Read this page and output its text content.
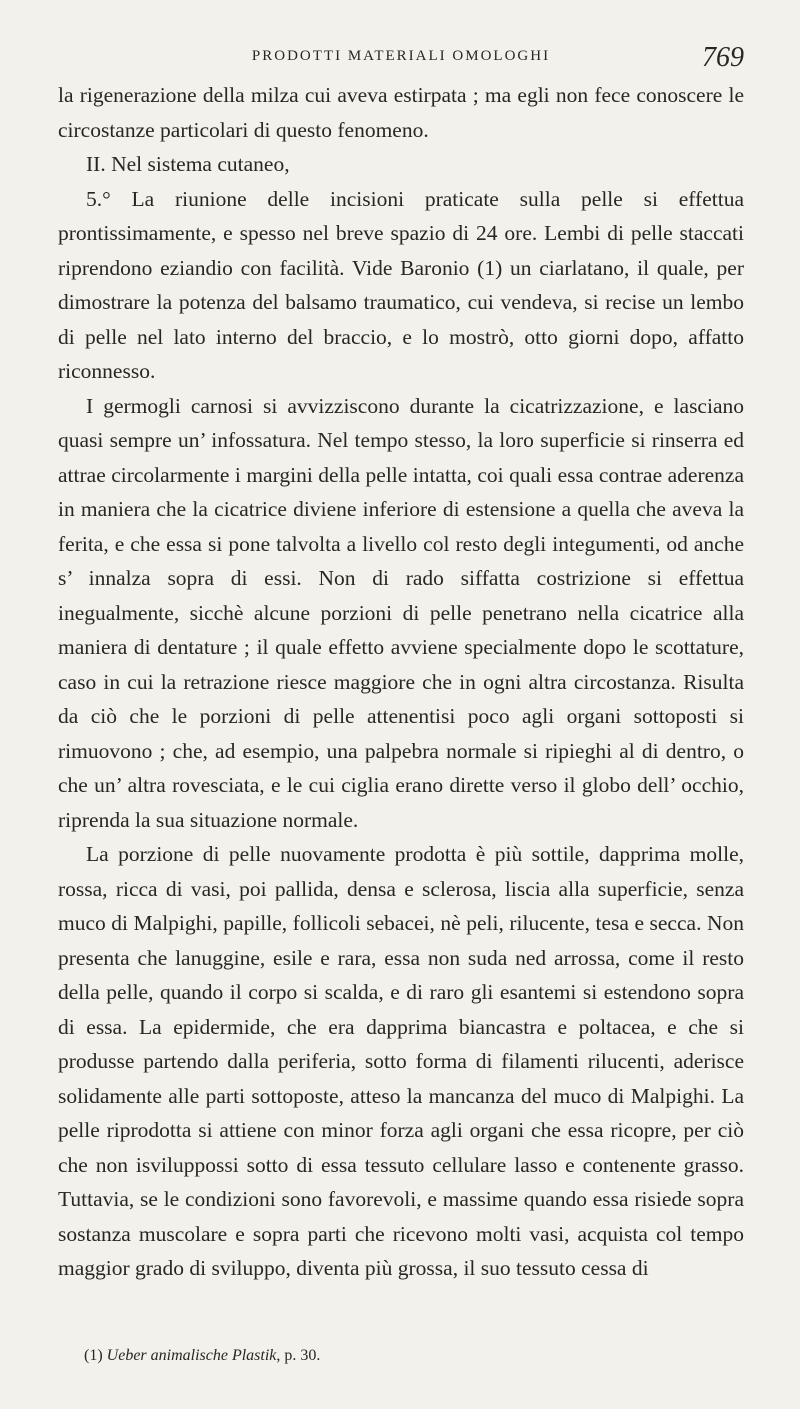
PRODOTTI MATERIALI OMOLOGHI	769

la rigenerazione della milza cui aveva estirpata ; ma egli non fece conoscere le circostanze particolari di questo fenomeno.

II. Nel sistema cutaneo,

5.° La riunione delle incisioni praticate sulla pelle si effettua prontissimamente, e spesso nel breve spazio di 24 ore. Lembi di pelle staccati riprendono eziandio con facilità. Vide Baronio (1) un ciarlatano, il quale, per dimostrare la potenza del balsamo traumatico, cui vendeva, si recise un lembo di pelle nel lato interno del braccio, e lo mostrò, otto giorni dopo, affatto riconnesso.

I germogli carnosi si avvizziscono durante la cicatrizzazione, e lasciano quasi sempre un’ infossatura. Nel tempo stesso, la loro superficie si rinserra ed attrae circolarmente i margini della pelle intatta, coi quali essa contrae aderenza in maniera che la cicatrice diviene inferiore di estensione a quella che aveva la ferita, e che essa si pone talvolta a livello col resto degli integumenti, od anche s’ innalza sopra di essi. Non di rado siffatta costrizione si effettua inegualmente, sicchè alcune porzioni di pelle penetrano nella cicatrice alla maniera di dentature ; il quale effetto avviene specialmente dopo le scottature, caso in cui la retrazione riesce maggiore che in ogni altra circostanza. Risulta da ciò che le porzioni di pelle attenentisi poco agli organi sottoposti si rimuovono ; che, ad esempio, una palpebra normale si ripieghi al di dentro, o che un’ altra rovesciata, e le cui ciglia erano dirette verso il globo dell’ occhio, riprenda la sua situazione normale.

La porzione di pelle nuovamente prodotta è più sottile, dapprima molle, rossa, ricca di vasi, poi pallida, densa e sclerosa, liscia alla superficie, senza muco di Malpighi, papille, follicoli sebacei, nè peli, rilucente, tesa e secca. Non presenta che lanuggine, esile e rara, essa non suda ned arrossa, come il resto della pelle, quando il corpo si scalda, e di raro gli esantemi si estendono sopra di essa. La epidermide, che era dapprima biancastra e poltacea, e che si produsse partendo dalla periferia, sotto forma di filamenti rilucenti, aderisce solidamente alle parti sottoposte, atteso la mancanza del muco di Malpighi. La pelle riprodotta si attiene con minor forza agli organi che essa ricopre, per ciò che non isviluppossi sotto di essa tessuto cellulare lasso e contenente grasso. Tuttavia, se le condizioni sono favorevoli, e massime quando essa risiede sopra sostanza muscolare e sopra parti che ricevono molti vasi, acquista col tempo maggior grado di sviluppo, diventa più grossa, il suo tessuto cessa di

(1) Ueber animalische Plastik, p. 30.
